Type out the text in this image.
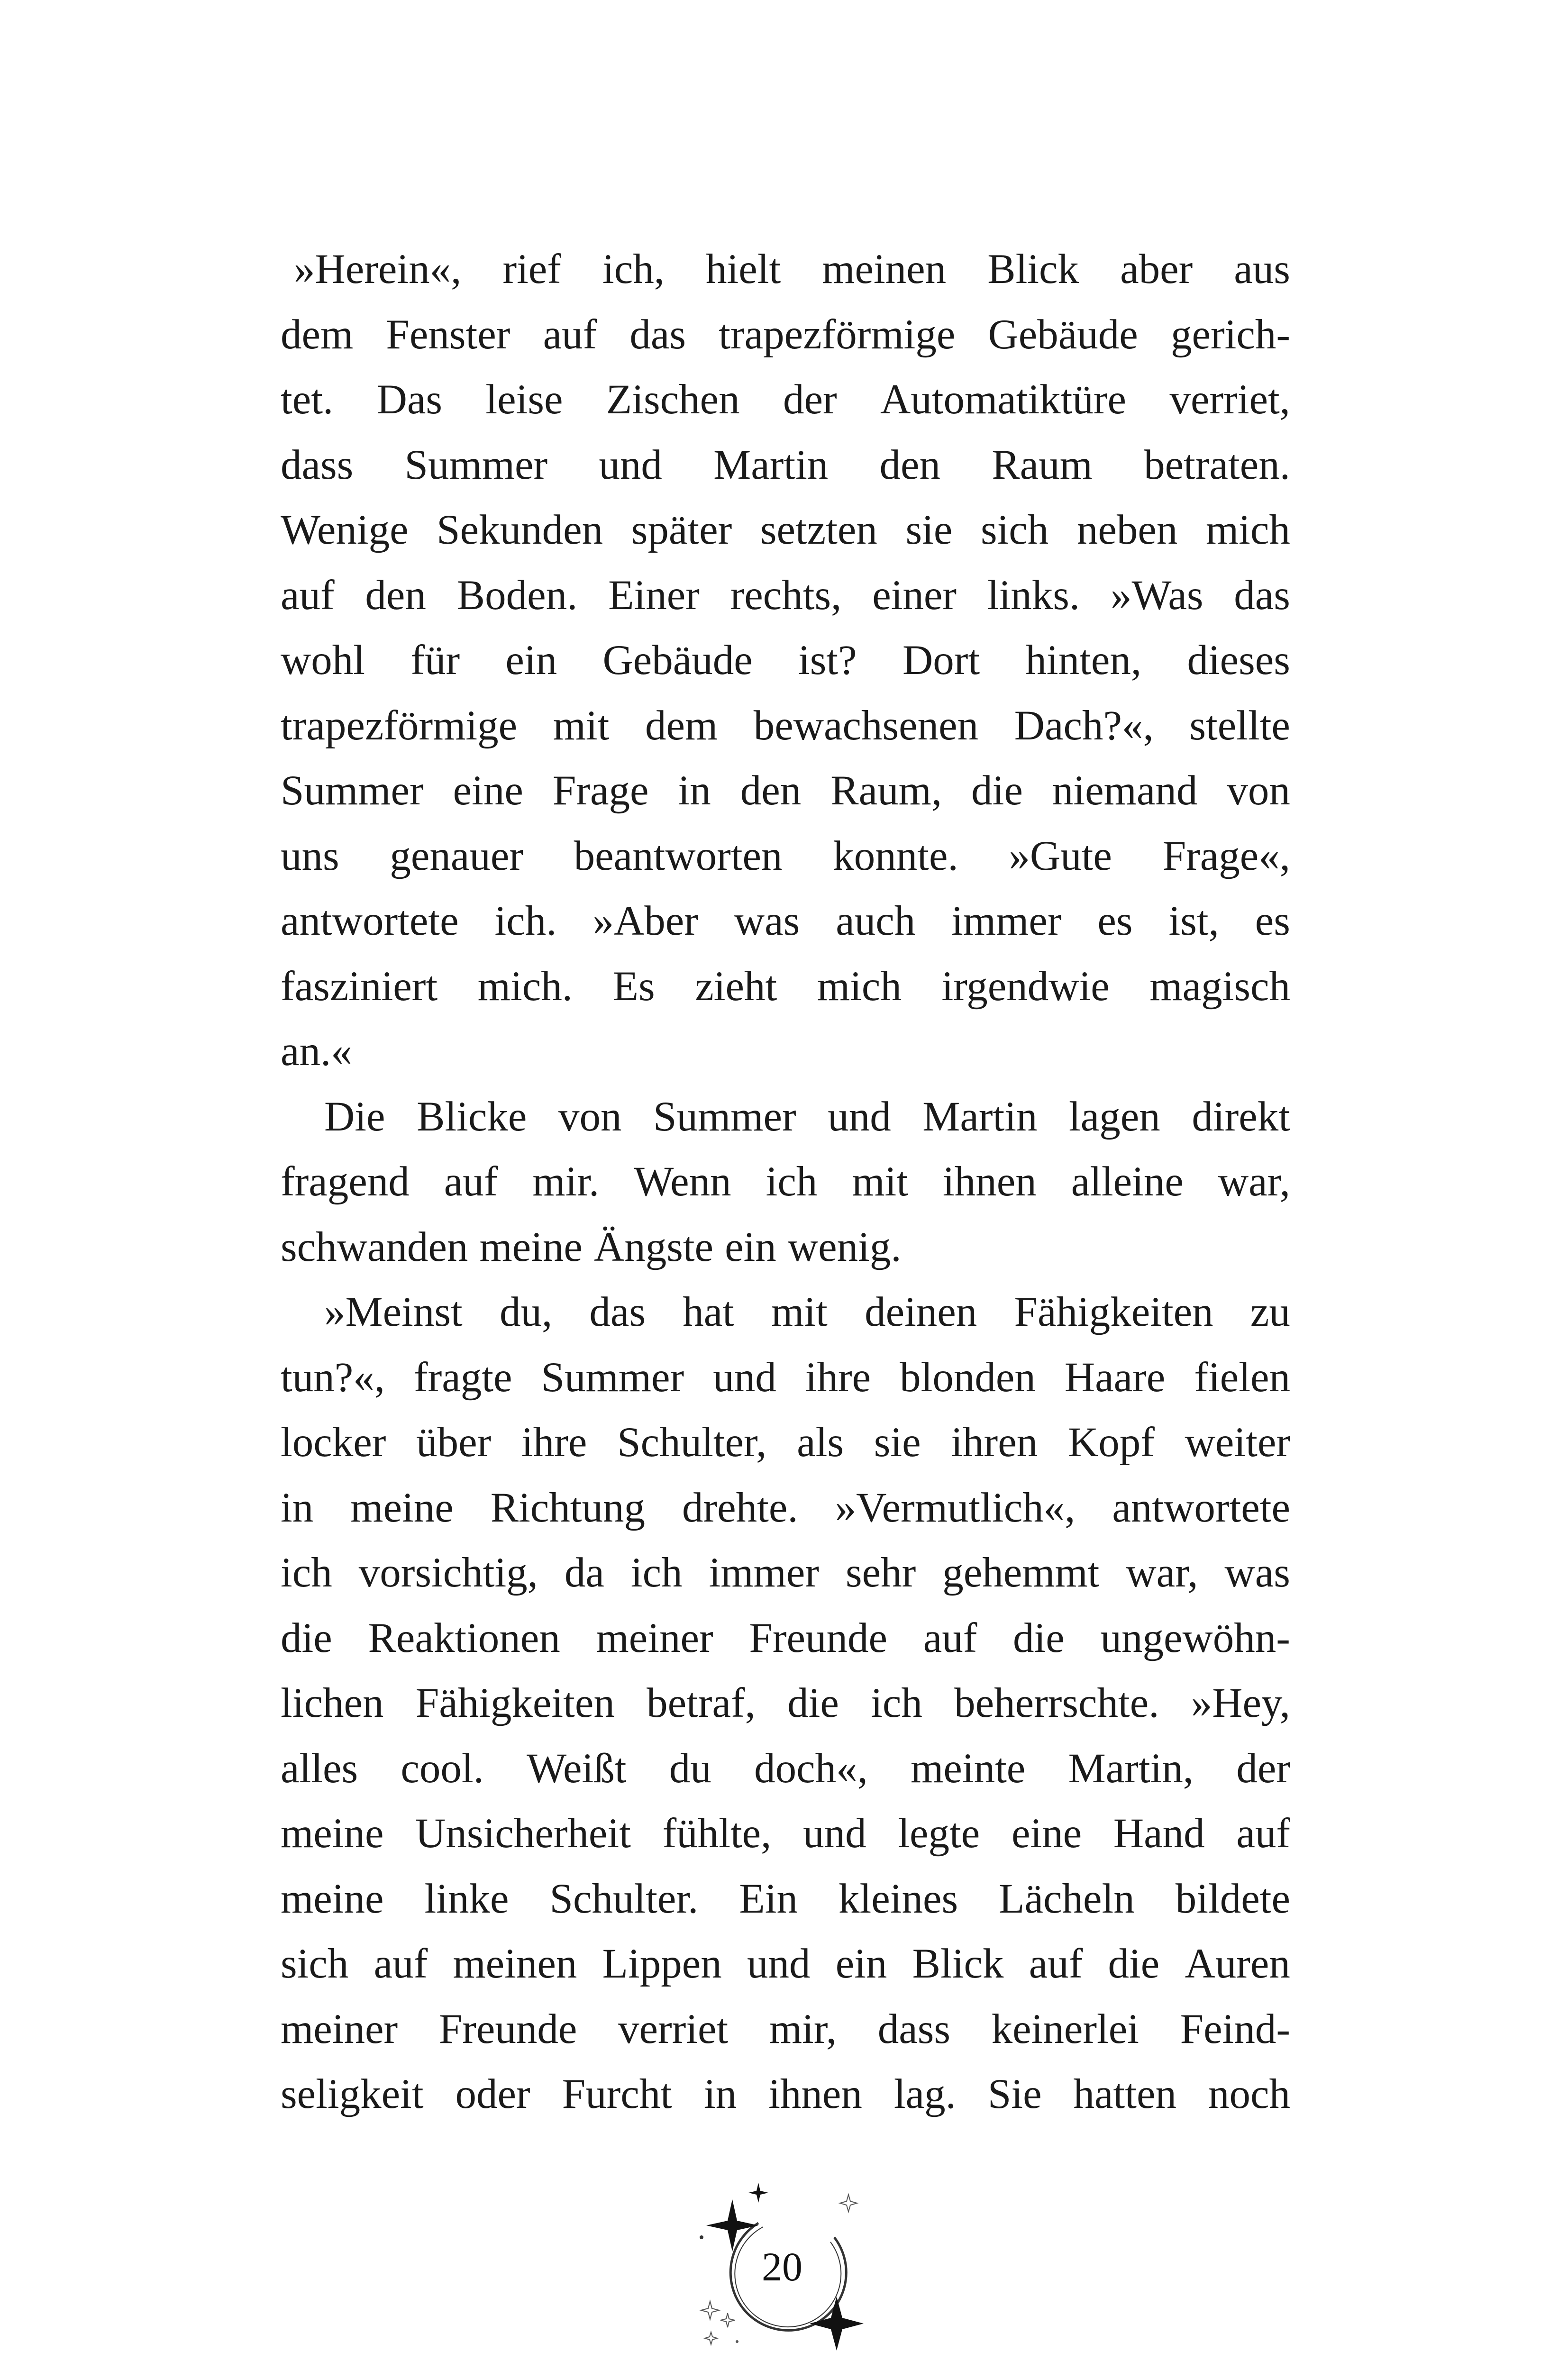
»Herein«, rief ich, hielt meinen Blick aber aus
dem Fenster auf das trapezförmige Gebäude gerich-
tet. Das leise Zischen der Automatiktüre verriet,
dass Summer und Martin den Raum betraten.
Wenige Sekunden später setzten sie sich neben mich
auf den Boden. Einer rechts, einer links. »Was das
wohl für ein Gebäude ist? Dort hinten, dieses
trapezförmige mit dem bewachsenen Dach?«, stellte
Summer eine Frage in den Raum, die niemand von
uns genauer beantworten konnte. »Gute Frage«,
antwortete ich. »Aber was auch immer es ist, es
fasziniert mich. Es zieht mich irgendwie magisch
an.«
Die Blicke von Summer und Martin lagen direkt
fragend auf mir. Wenn ich mit ihnen alleine war,
schwanden meine Ängste ein wenig.
»Meinst du, das hat mit deinen Fähigkeiten zu
tun?«, fragte Summer und ihre blonden Haare fielen
locker über ihre Schulter, als sie ihren Kopf weiter
in meine Richtung drehte. »Vermutlich«, antwortete
ich vorsichtig, da ich immer sehr gehemmt war, was
die Reaktionen meiner Freunde auf die ungewöhn-
lichen Fähigkeiten betraf, die ich beherrschte. »Hey,
alles cool. Weißt du doch«, meinte Martin, der
meine Unsicherheit fühlte, und legte eine Hand auf
meine linke Schulter. Ein kleines Lächeln bildete
sich auf meinen Lippen und ein Blick auf die Auren
meiner Freunde verriet mir, dass keinerlei Feind-
seligkeit oder Furcht in ihnen lag. Sie hatten noch
20
